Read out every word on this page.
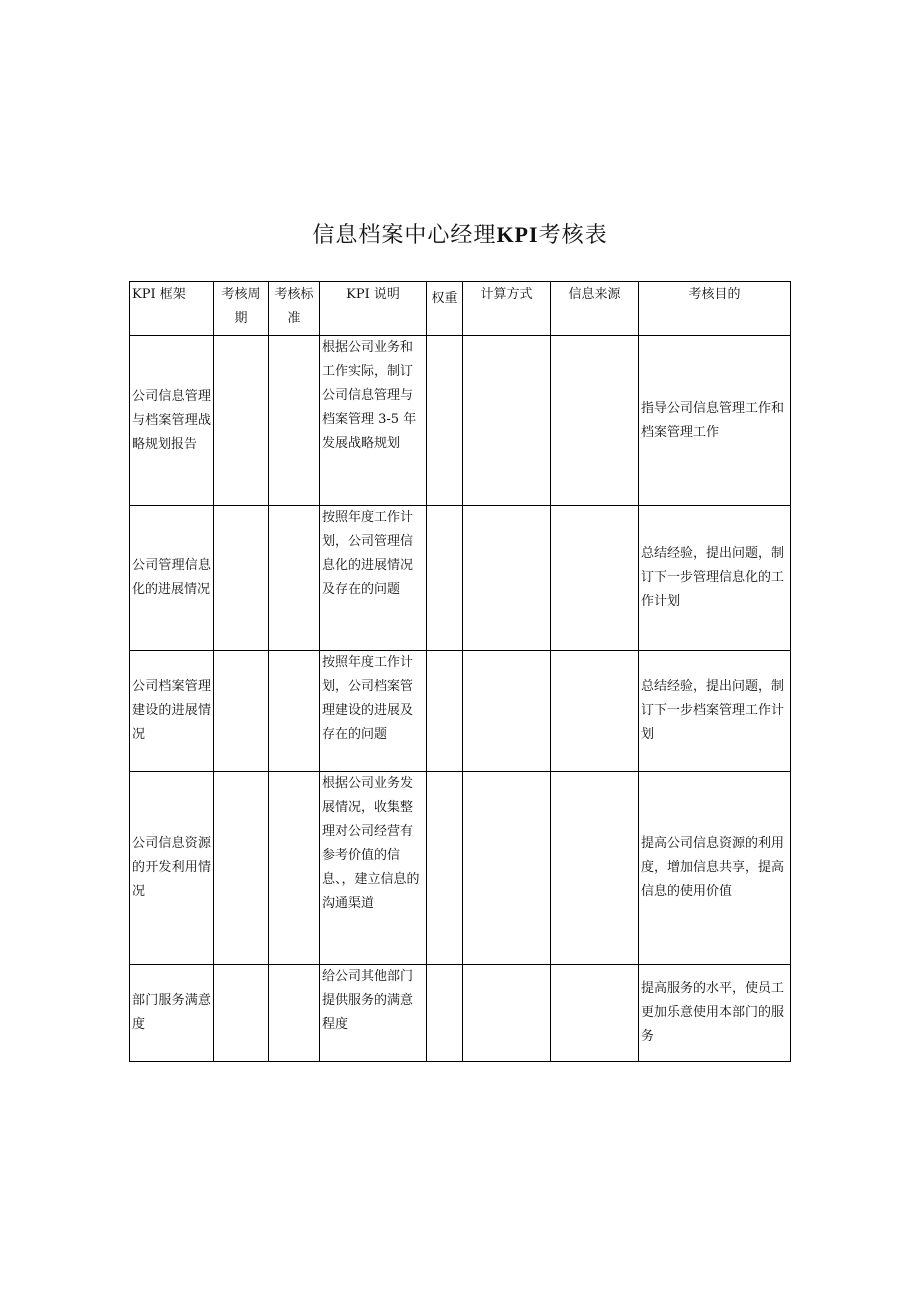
信息档案中心经理KPI考核表
KPI 框架	考核周期	考核标准	KPI 说明	权重	计算方式	信息来源	考核目的
公司信息管理与档案管理战略规划报告			根据公司业务和工作实际，制订公司信息管理与档案管理 3-5 年发展战略规划				指导公司信息管理工作和档案管理工作
公司管理信息化的进展情况			按照年度工作计划，公司管理信息化的进展情况及存在的问题				总结经验，提出问题，制订下一步管理信息化的工作计划
公司档案管理建设的进展情况			按照年度工作计划，公司档案管理建设的进展及存在的问题				总结经验，提出问题，制订下一步档案管理工作计划
公司信息资源的开发利用情况			根据公司业务发展情况，收集整理对公司经营有参考价值的信息、，建立信息的沟通渠道				提高公司信息资源的利用度，增加信息共享，提高信息的使用价值
部门服务满意度			给公司其他部门提供服务的满意程度				提高服务的水平，使员工更加乐意使用本部门的服务
